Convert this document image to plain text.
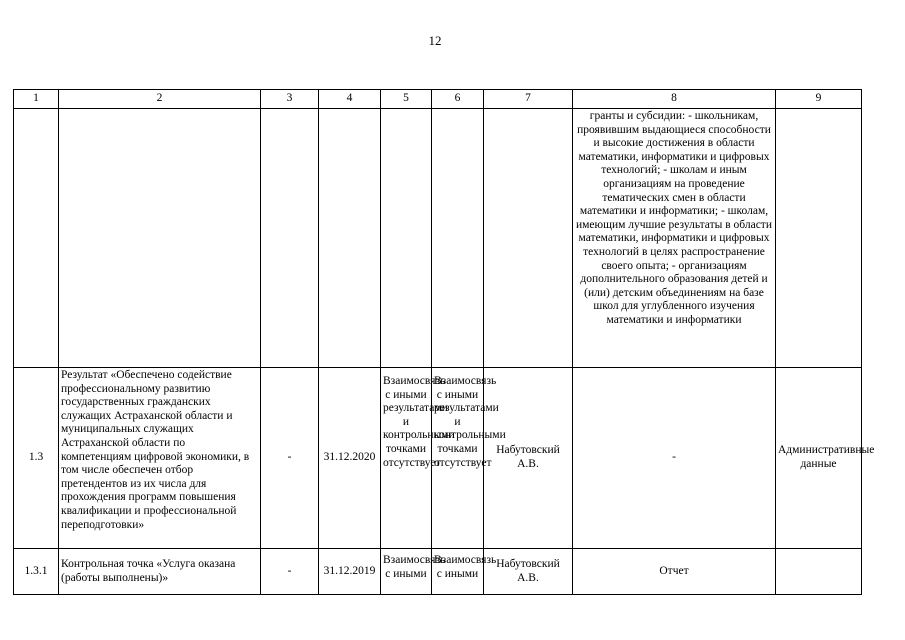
12
1	2	3	4	5	6	7	8	9
							гранты и субсидии: - школьникам, проявившим выдающиеся способности и высокие достижения в области математики, информатики и цифровых технологий; - школам и иным организациям на проведение тематических смен в области математики и информатики; - школам, имеющим лучшие результаты в области математики, информатики и цифровых технологий в целях распространение своего опыта; - организациям дополнительного образования детей и (или) детским объединениям на базе школ для углубленного изучения математики и информатики	
1.3	Результат «Обеспечено содействие профессиональному развитию государственных гражданских служащих Астраханской области и муниципальных служащих Астраханской области по компетенциям цифровой экономики, в том числе обеспечен отбор претендентов из их числа для прохождения программ повышения квалификации и профессиональной переподготовки»	-	31.12.2020	Взаимосвязь с иными результатами и контрольными точками отсутствует	Взаимосвязь с иными результатами и контрольными точками отсутствует	Набутовский А.В.	-	Административные данные
1.3.1	Контрольная точка «Услуга оказана (работы выполнены)»	-	31.12.2019	Взаимосвязь с иными	Взаимосвязь с иными	Набутовский А.В.	Отчет	
